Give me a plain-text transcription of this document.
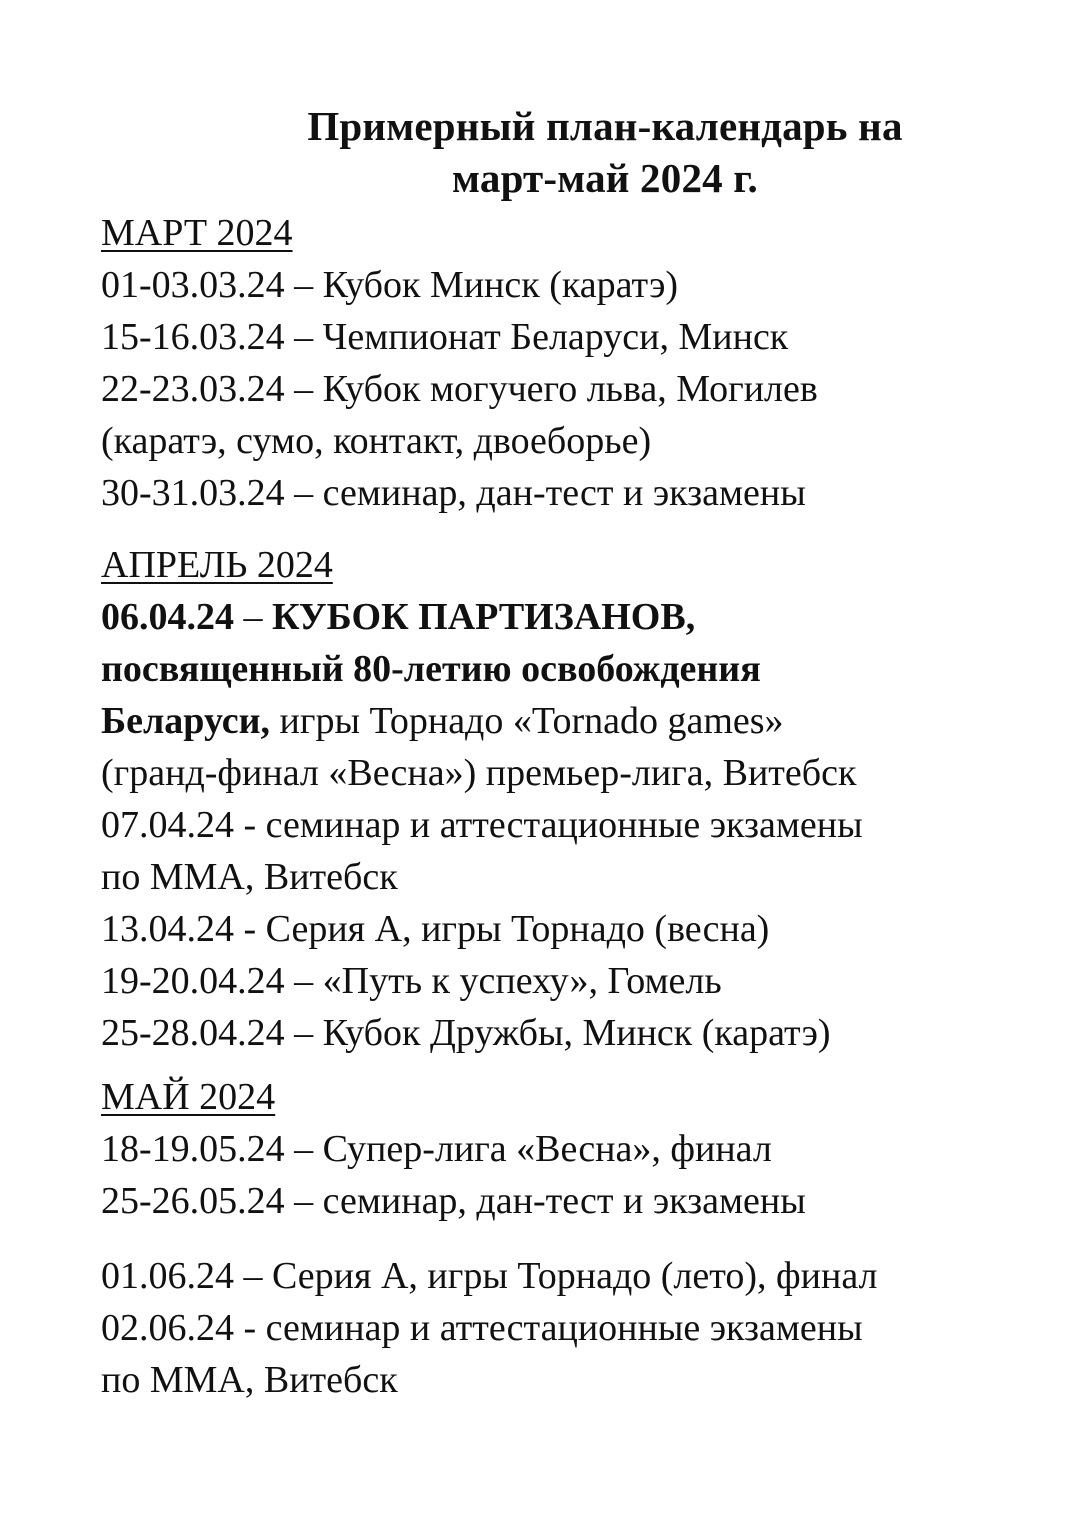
Примерный план-календарь на
март-май 2024 г.
МАРТ 2024
01-03.03.24 – Кубок Минск (каратэ)
15-16.03.24 – Чемпионат Беларуси, Минск
22-23.03.24 – Кубок могучего льва, Могилев
(каратэ, сумо, контакт, двоеборье)
30-31.03.24 – семинар, дан-тест и экзамены
АПРЕЛЬ 2024
06.04.24 – КУБОК ПАРТИЗАНОВ,
посвященный 80-летию освобождения
Беларуси, игры Торнадо «Tornado games»
(гранд-финал «Весна») премьер-лига, Витебск
07.04.24 - семинар и аттестационные экзамены
по ММА, Витебск
13.04.24 - Серия А, игры Торнадо (весна)
19-20.04.24 – «Путь к успеху», Гомель
25-28.04.24 – Кубок Дружбы, Минск (каратэ)
МАЙ 2024
18-19.05.24 – Супер-лига «Весна», финал
25-26.05.24 – семинар, дан-тест и экзамены
01.06.24 – Серия А, игры Торнадо (лето), финал
02.06.24 - семинар и аттестационные экзамены
по ММА, Витебск
